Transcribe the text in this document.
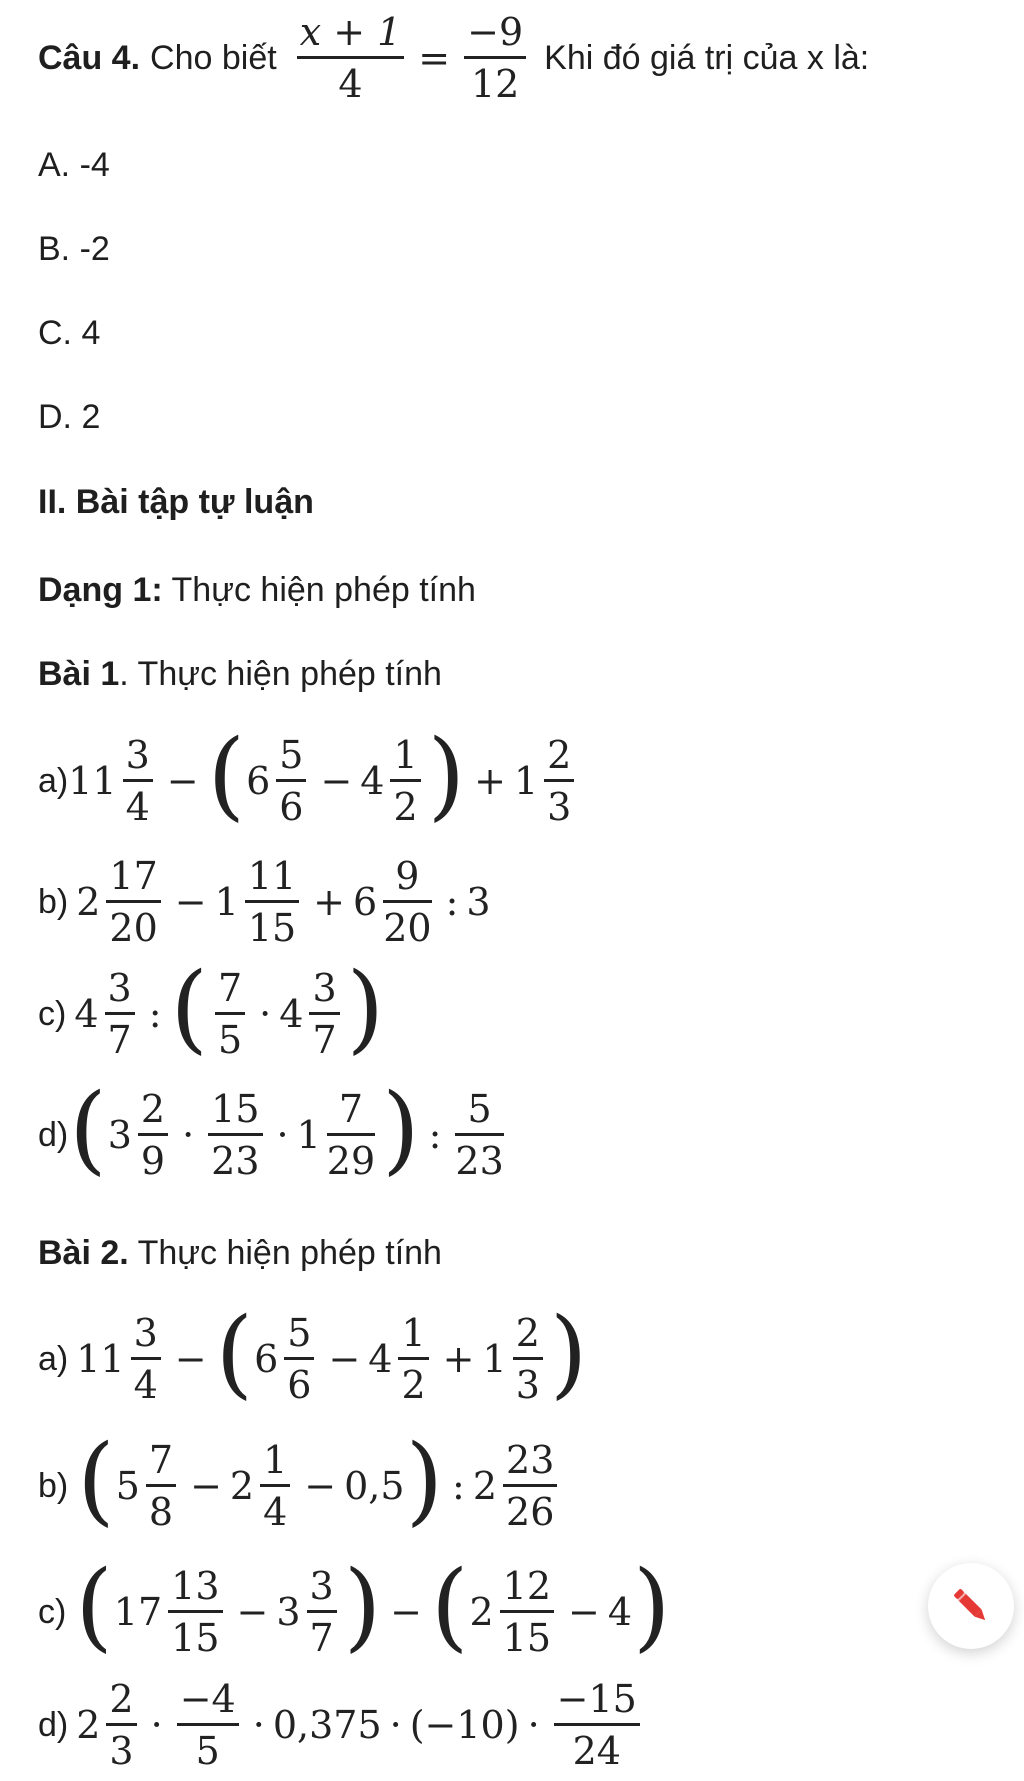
Câu 4. Cho biết $\frac{x + 1}{4} = \frac{-9}{12}$ Khi đó giá trị của x là:
A. -4
B. -2
C. 4
D. 2
II. Bài tập tự luận
Dạng 1: Thực hiện phép tính
Bài 1. Thực hiện phép tính
a) $11 \frac{3}{4}$ − ( $6 \frac{5}{6} - 4 \frac{1}{2}$ ) + $1 \frac{2}{3}$
b) $2 \frac{17}{20} - 1 \frac{11}{15} + 6 \frac{9}{20}$ : 3
c) $4 \frac{3}{7}$ : ( $\frac{7}{5} \cdot 4 \frac{3}{7}$ )
d) ( $3 \frac{2}{9} \cdot \frac{15}{23} \cdot 1 \frac{7}{29}$ ) : $\frac{5}{23}$
Bài 2. Thực hiện phép tính
a) $11 \frac{3}{4}$ − ( $6 \frac{5}{6} - 4 \frac{1}{2} + 1 \frac{2}{3}$ )
b) ( $5 \frac{7}{8} - 2 \frac{1}{4} - 0,5$ ) : $2 \frac{23}{26}$
c) ( $17 \frac{13}{15} - 3 \frac{3}{7}$ ) − ( $2 \frac{12}{15} - 4$ )
d) $2 \frac{2}{3} \cdot \frac{-4}{5} \cdot 0,375 \cdot (-10) \cdot \frac{-15}{24}$
